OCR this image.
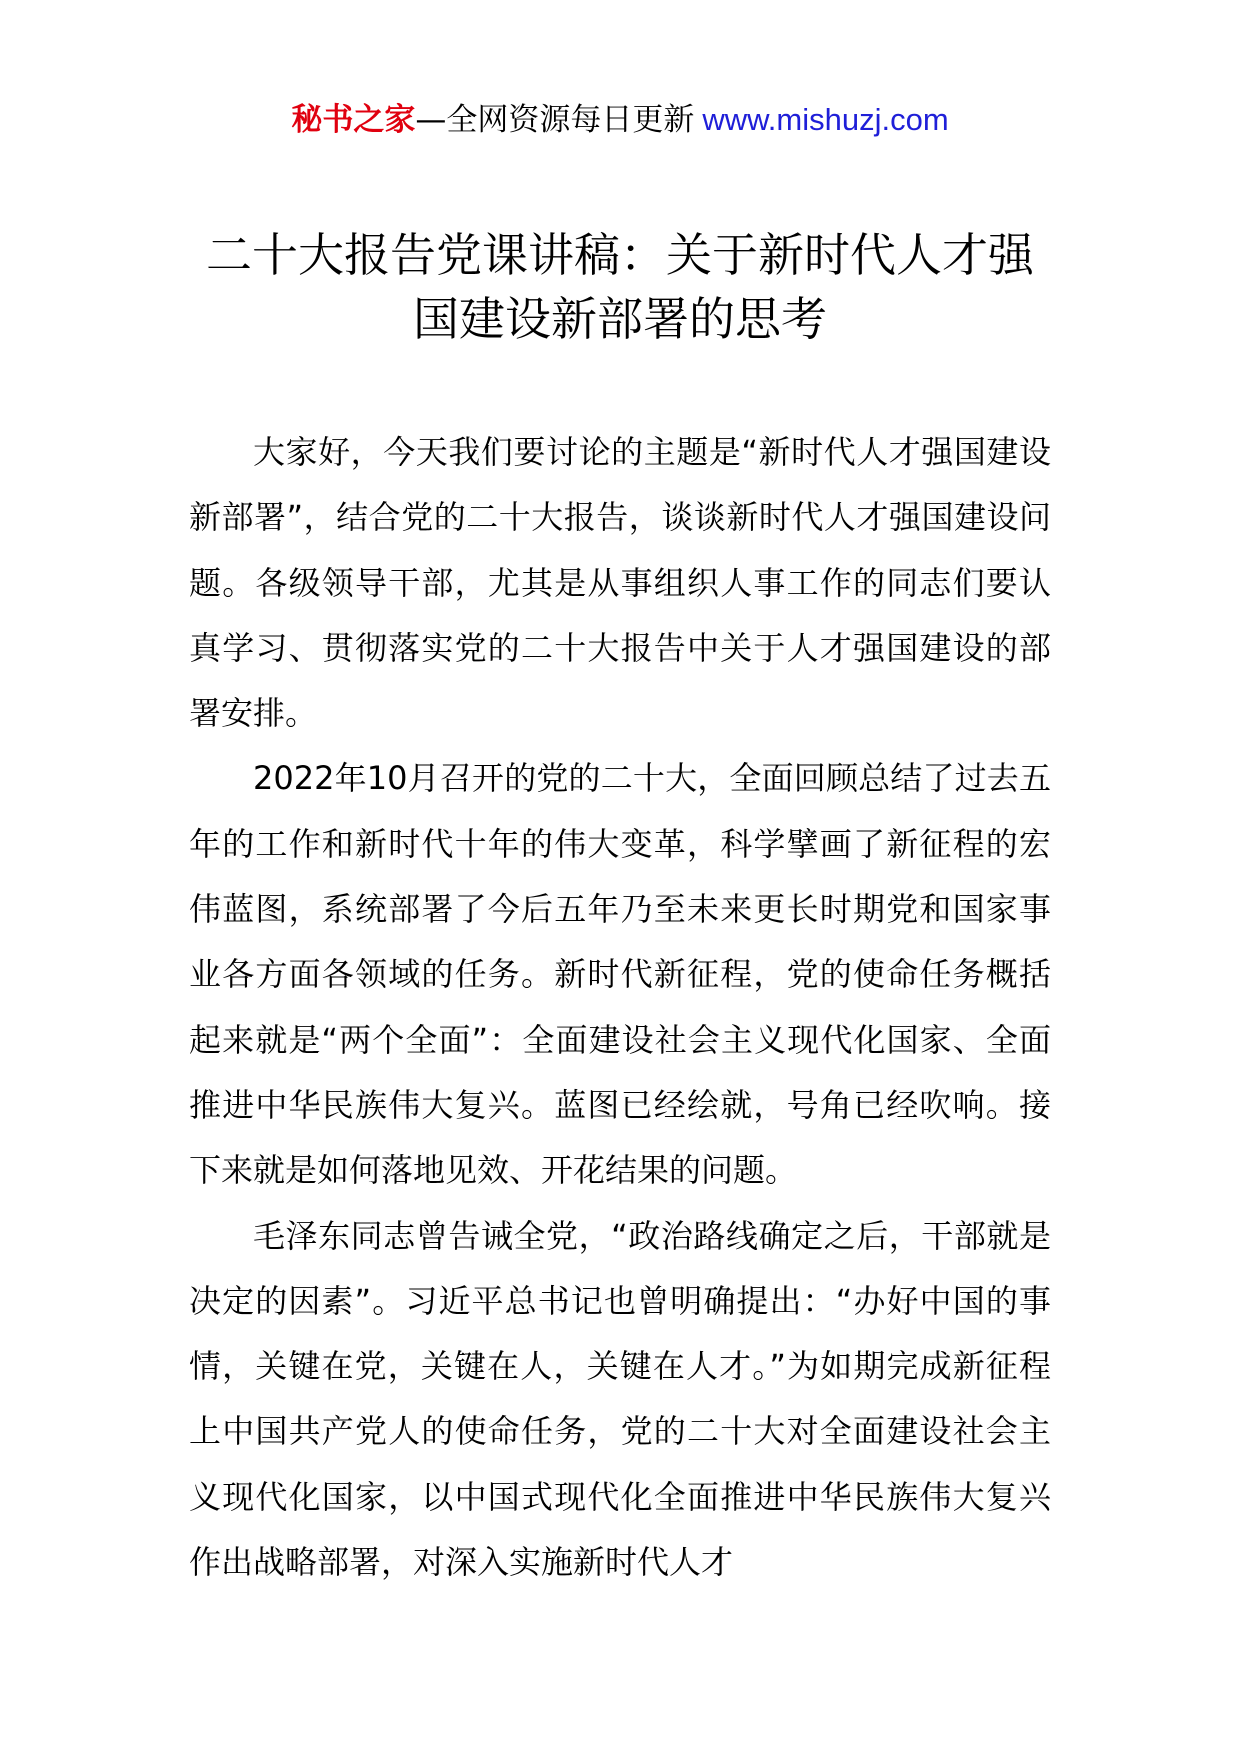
秘书之家—全网资源每日更新 www.mishuzj.com
二十大报告党课讲稿：关于新时代人才强
国建设新部署的思考

大家好，今天我们要讨论的主题是“新时代人才强国建设新部署”，结合党的二十大报告，谈谈新时代人才强国建设问题。各级领导干部，尤其是从事组织人事工作的同志们要认真学习、贯彻落实党的二十大报告中关于人才强国建设的部署安排。

2022年10月召开的党的二十大，全面回顾总结了过去五年的工作和新时代十年的伟大变革，科学擘画了新征程的宏伟蓝图，系统部署了今后五年乃至未来更长时期党和国家事业各方面各领域的任务。新时代新征程，党的使命任务概括起来就是“两个全面”：全面建设社会主义现代化国家、全面推进中华民族伟大复兴。蓝图已经绘就，号角已经吹响。接下来就是如何落地见效、开花结果的问题。

毛泽东同志曾告诫全党，“政治路线确定之后，干部就是决定的因素”。习近平总书记也曾明确提出：“办好中国的事情，关键在党，关键在人，关键在人才。”为如期完成新征程上中国共产党人的使命任务，党的二十大对全面建设社会主义现代化国家，以中国式现代化全面推进中华民族伟大复兴作出战略部署，对深入实施新时代人才
